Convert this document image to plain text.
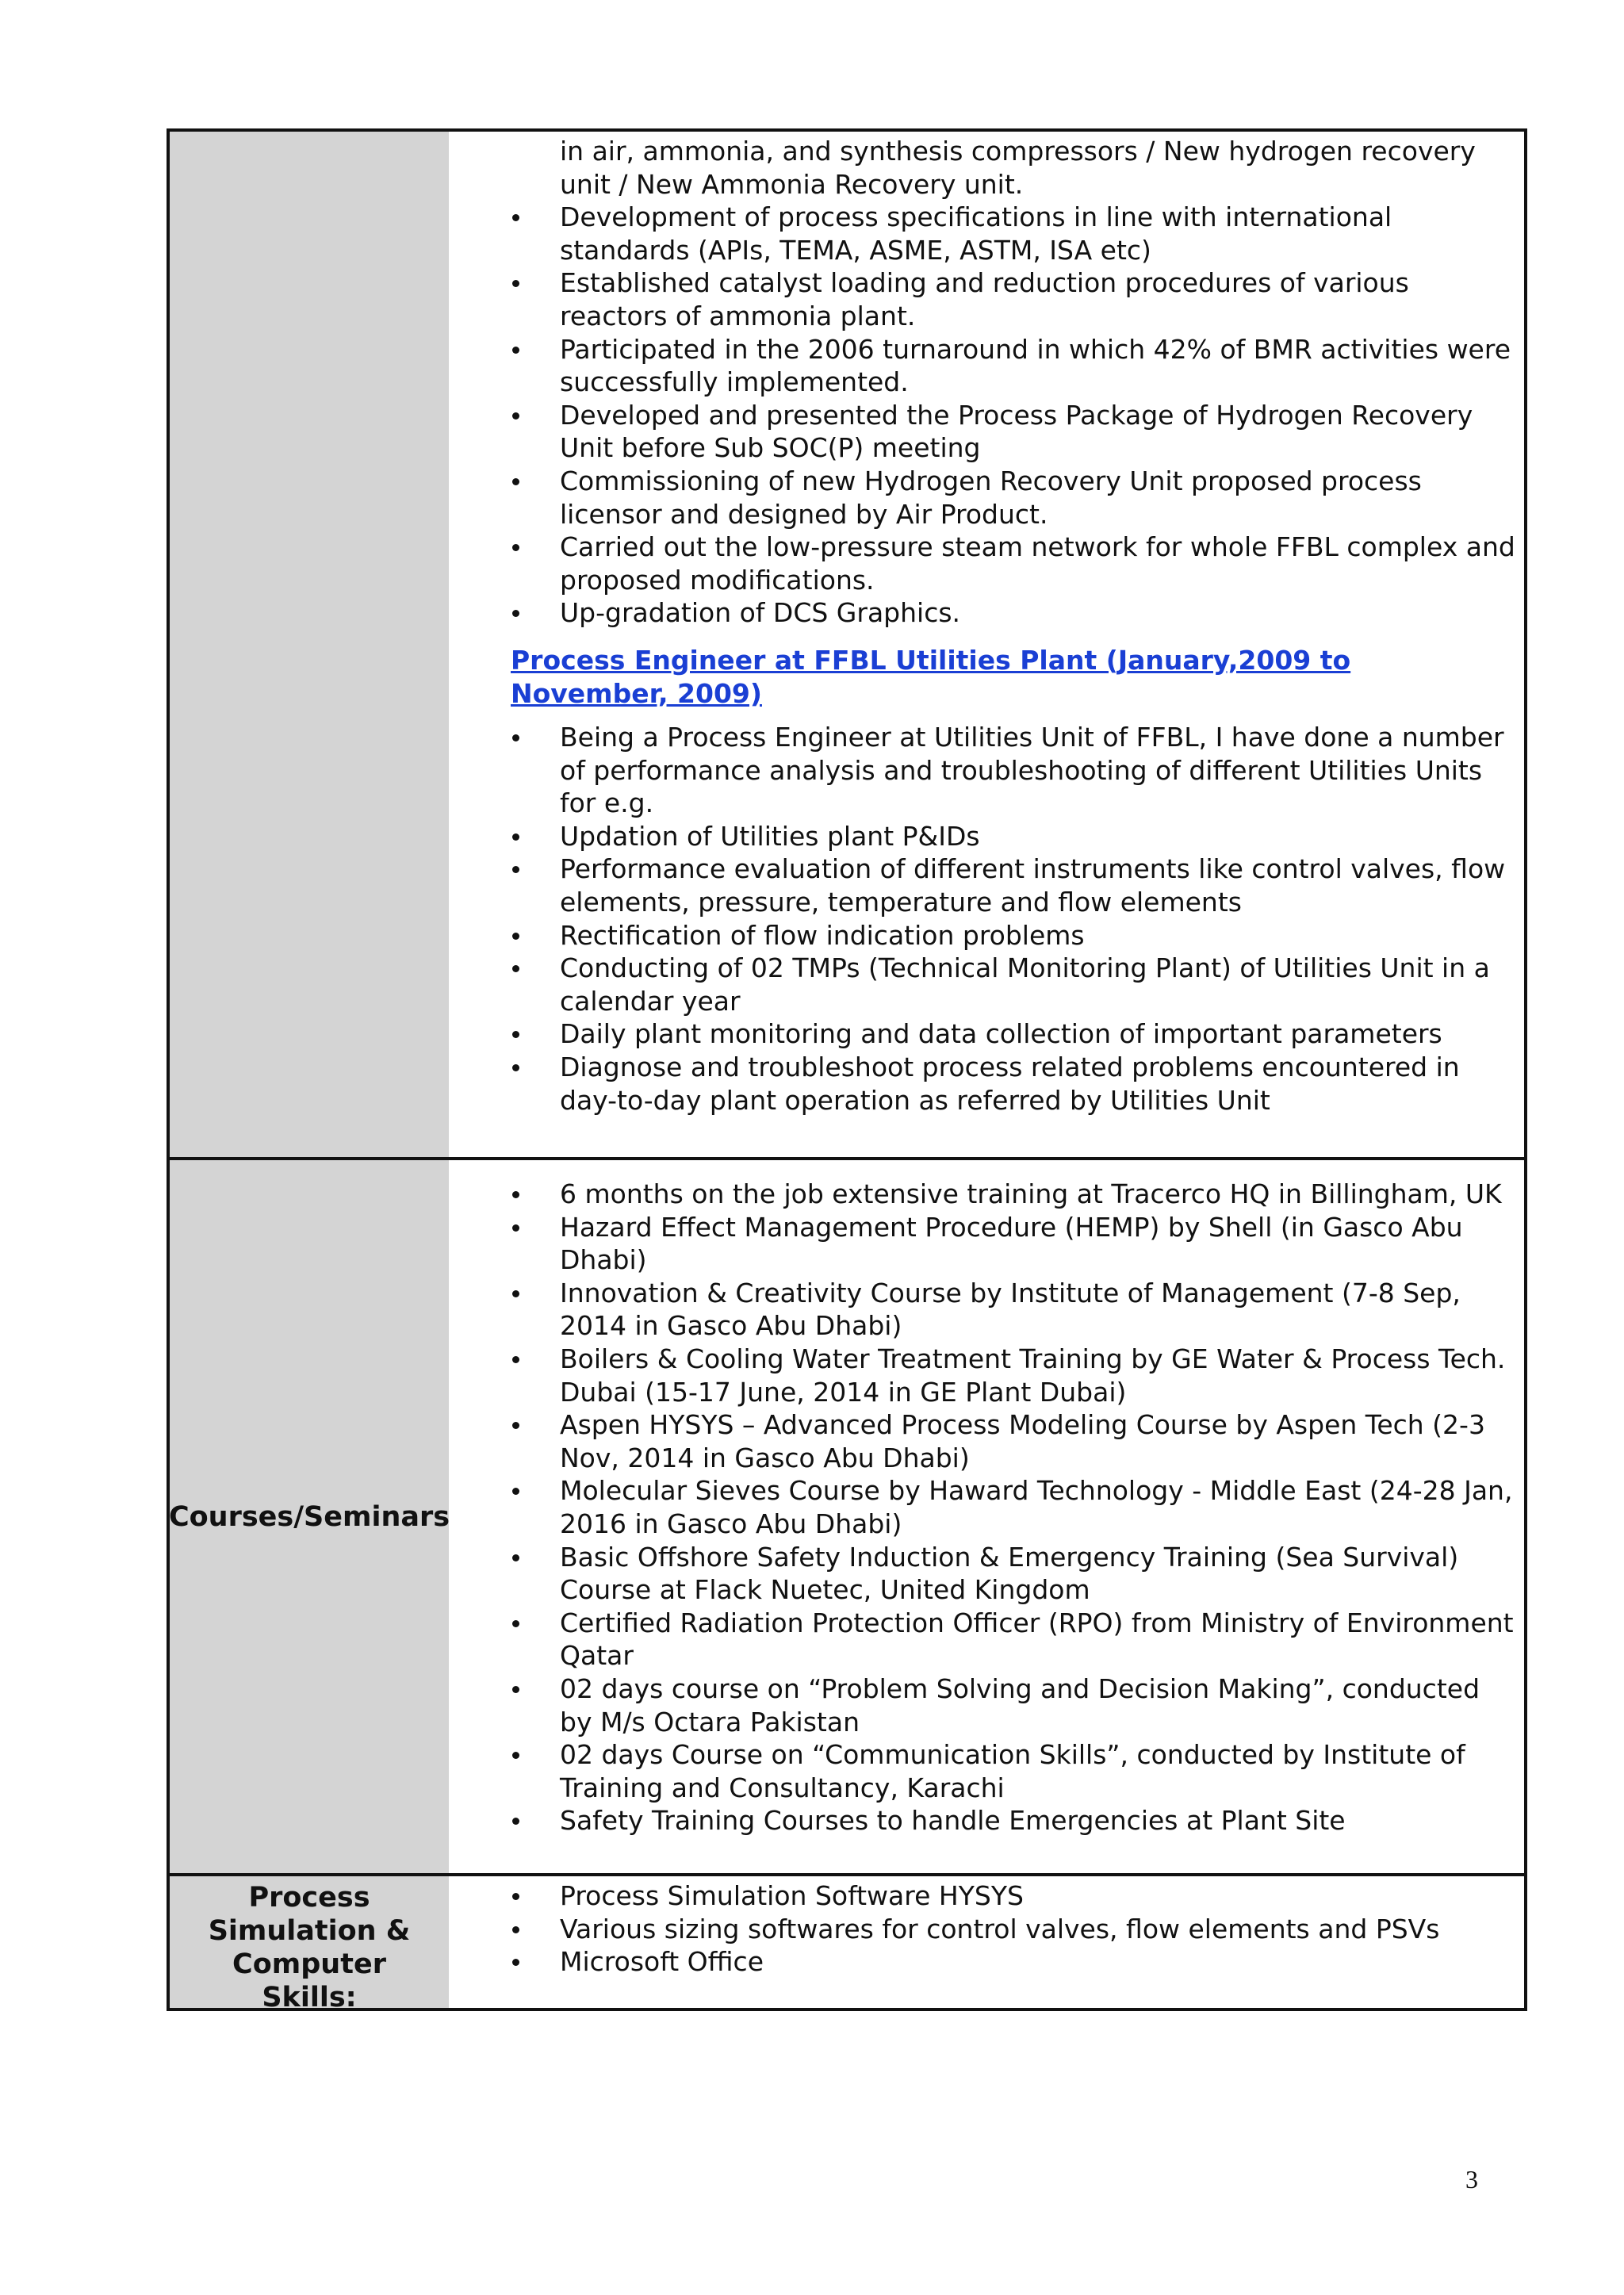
in air, ammonia, and synthesis compressors / New hydrogen recovery unit / New Ammonia Recovery unit.
Development of process specifications in line with international standards (APIs, TEMA, ASME, ASTM, ISA etc)
Established catalyst loading and reduction procedures of various reactors of ammonia plant.
Participated in the 2006 turnaround in which 42% of BMR activities were successfully implemented.
Developed and presented the Process Package of Hydrogen Recovery Unit before Sub SOC(P) meeting
Commissioning of new Hydrogen Recovery Unit proposed process licensor and designed by Air Product.
Carried out the low-pressure steam network for whole FFBL complex and proposed modifications.
Up-gradation of DCS Graphics.
Process Engineer at FFBL Utilities Plant (January,2009 to November, 2009)
Being a Process Engineer at Utilities Unit of FFBL, I have done a number of performance analysis and troubleshooting of different Utilities Units for e.g.
Updation of Utilities plant P&IDs
Performance evaluation of different instruments like control valves, flow elements, pressure, temperature and flow elements
Rectification of flow indication problems
Conducting of 02 TMPs (Technical Monitoring Plant) of Utilities Unit in a calendar year
Daily plant monitoring and data collection of important parameters
Diagnose and troubleshoot process related problems encountered in day-to-day plant operation as referred by Utilities Unit
Courses/Seminars
6 months on the job extensive training at Tracerco HQ in Billingham, UK
Hazard Effect Management Procedure (HEMP) by Shell (in Gasco Abu Dhabi)
Innovation & Creativity Course by Institute of Management (7-8 Sep, 2014 in Gasco Abu Dhabi)
Boilers & Cooling Water Treatment Training by GE Water & Process Tech. Dubai (15-17 June, 2014 in GE Plant Dubai)
Aspen HYSYS – Advanced Process Modeling Course by Aspen Tech (2-3 Nov, 2014 in Gasco Abu Dhabi)
Molecular Sieves Course by Haward Technology - Middle East (24-28 Jan, 2016 in Gasco Abu Dhabi)
Basic Offshore Safety Induction & Emergency Training (Sea Survival) Course at Flack Nuetec, United Kingdom
Certified Radiation Protection Officer (RPO) from Ministry of Environment Qatar
02 days course on “Problem Solving and Decision Making”, conducted by M/s Octara Pakistan
02 days Course on “Communication Skills”, conducted by Institute of Training and Consultancy, Karachi
Safety Training Courses to handle Emergencies at Plant Site
Process Simulation & Computer Skills:
Process Simulation Software HYSYS
Various sizing softwares for control valves, flow elements and PSVs
Microsoft Office
3
